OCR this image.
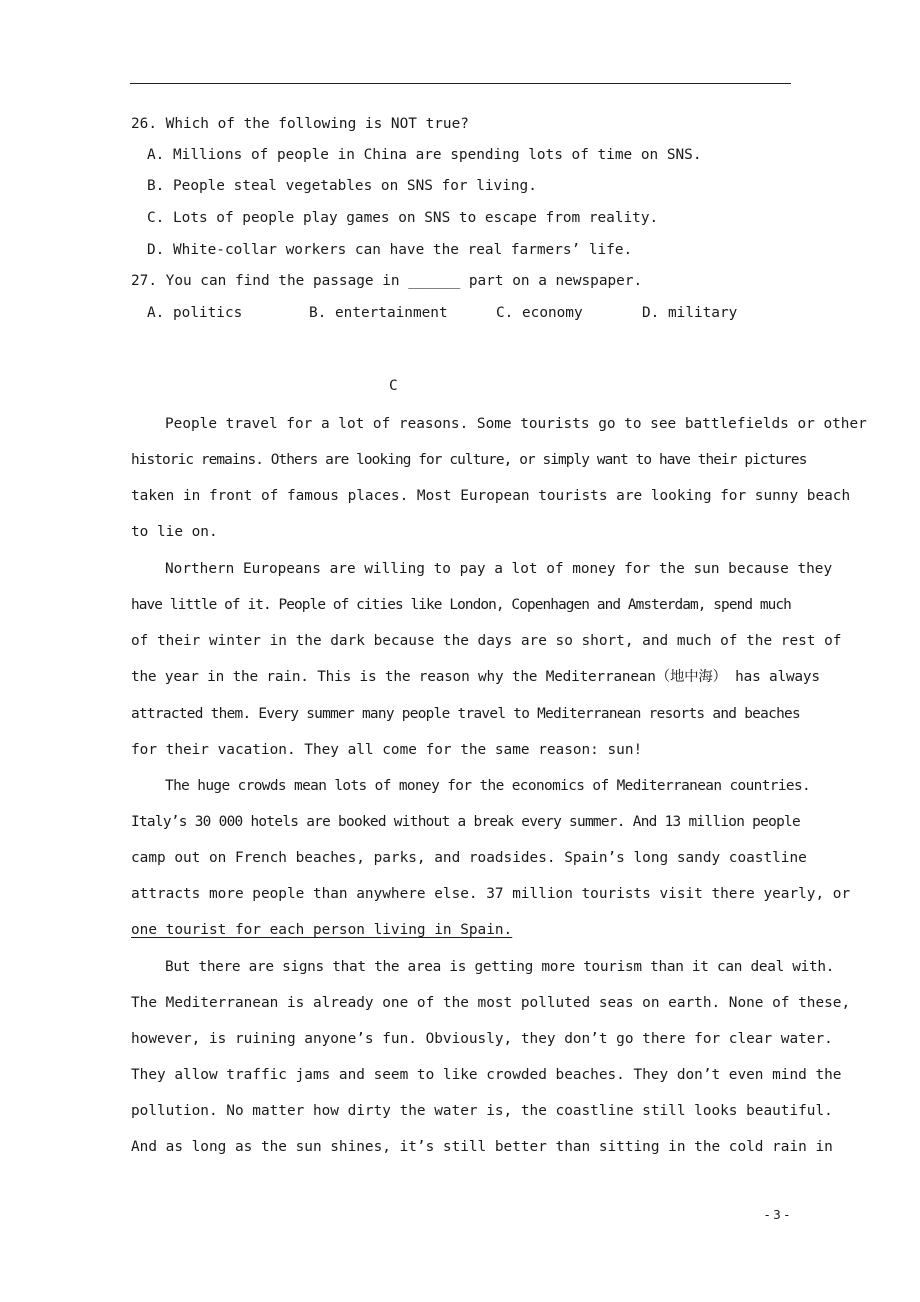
26. Which of the following is NOT true?
A. Millions of people in China are spending lots of time on SNS.
B. People steal vegetables on SNS for living.
C. Lots of people play games on SNS to escape from reality.
D. White-collar workers can have the real farmers’ life.
27. You can find the passage in ______ part on a newspaper.
A. politics	B. entertainment	C. economy	D. military
C
People travel for a lot of reasons. Some tourists go to see battlefields or other
historic remains. Others are looking for culture, or simply want to have their pictures
taken in front of famous places. Most European tourists are looking for sunny beach
to lie on.
Northern Europeans are willing to pay a lot of money for the sun because they
have little of it. People of cities like London, Copenhagen and Amsterdam, spend much
of their winter in the dark because the days are so short, and much of the rest of
the year in the rain. This is the reason why the Mediterranean（地中海） has always
attracted them. Every summer many people travel to Mediterranean resorts and beaches
for their vacation. They all come for the same reason: sun!
The huge crowds mean lots of money for the economics of Mediterranean countries.
Italy’s 30 000 hotels are booked without a break every summer. And 13 million people
camp out on French beaches, parks, and roadsides. Spain’s long sandy coastline
attracts more people than anywhere else. 37 million tourists visit there yearly, or
one tourist for each person living in Spain.
But there are signs that the area is getting more tourism than it can deal with.
The Mediterranean is already one of the most polluted seas on earth. None of these,
however, is ruining anyone’s fun. Obviously, they don’t go there for clear water.
They allow traffic jams and seem to like crowded beaches. They don’t even mind the
pollution. No matter how dirty the water is, the coastline still looks beautiful.
And as long as the sun shines, it’s still better than sitting in the cold rain in
- 3 -
